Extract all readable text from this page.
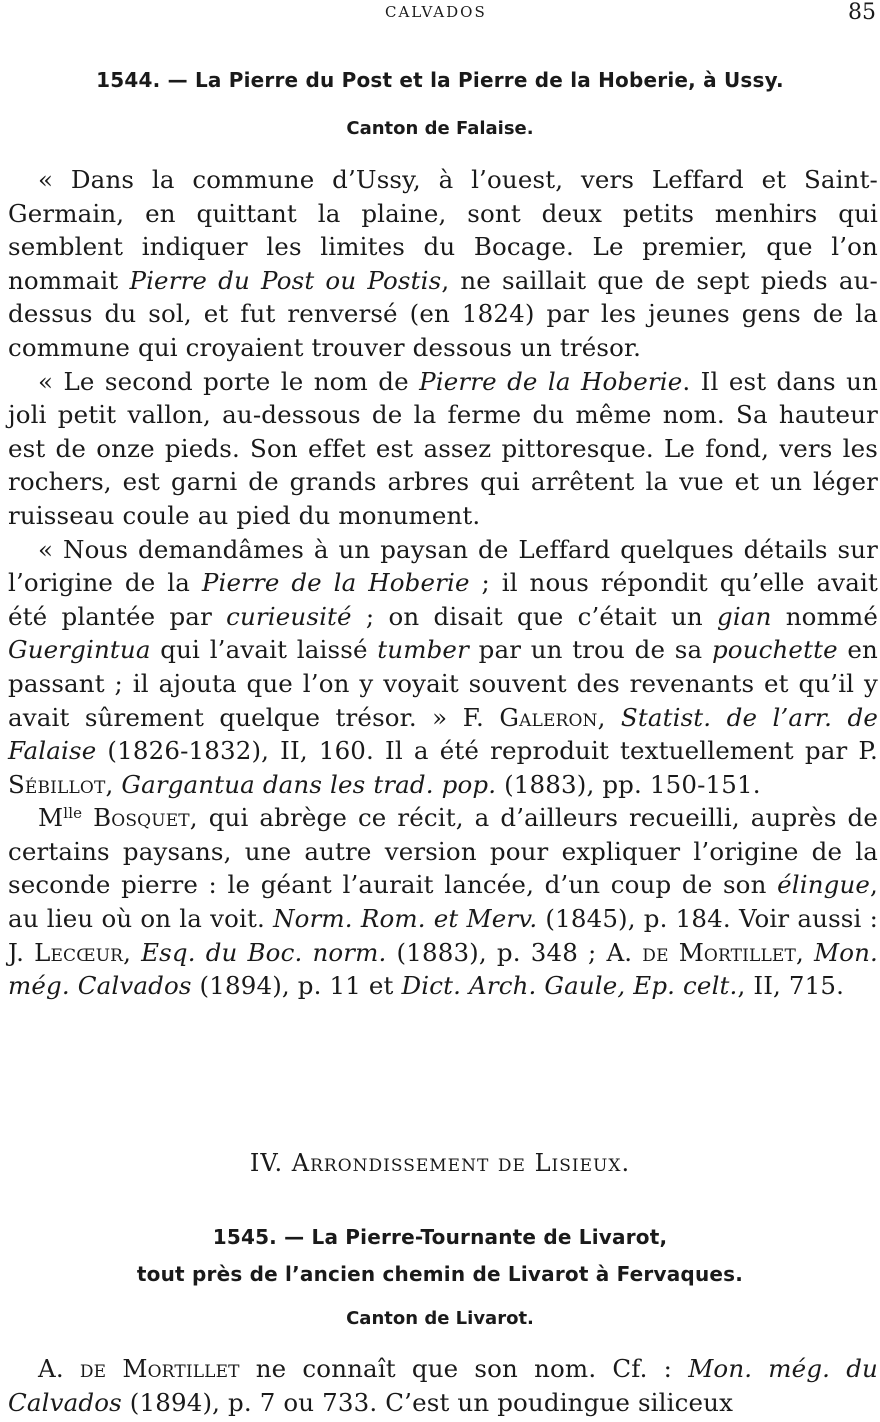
CALVADOS	85
1544. — La Pierre du Post et la Pierre de la Hoberie, à Ussy.
Canton de Falaise.

« Dans la commune d’Ussy, à l’ouest, vers Leffard et Saint-Germain, en quittant la plaine, sont deux petits menhirs qui semblent indiquer les limites du Bocage. Le premier, que l’on nommait Pierre du Post ou Postis, ne saillait que de sept pieds au-dessus du sol, et fut renversé (en 1824) par les jeunes gens de la commune qui croyaient trouver dessous un trésor.

« Le second porte le nom de Pierre de la Hoberie. Il est dans un joli petit vallon, au-dessous de la ferme du même nom. Sa hauteur est de onze pieds. Son effet est assez pittoresque. Le fond, vers les rochers, est garni de grands arbres qui arrêtent la vue et un léger ruisseau coule au pied du monument.

« Nous demandâmes à un paysan de Leffard quelques détails sur l’origine de la Pierre de la Hoberie ; il nous répondit qu’elle avait été plantée par curieusité ; on disait que c’était un gian nommé Guergintua qui l’avait laissé tumber par un trou de sa pouchette en passant ; il ajouta que l’on y voyait souvent des revenants et qu’il y avait sûrement quelque trésor. » F. Galeron, Statist. de l’arr. de Falaise (1826-1832), II, 160. Il a été reproduit textuellement par P. Sébillot, Gargantua dans les trad. pop. (1883), pp. 150-151.

$M^{lle}$ Bosquet, qui abrège ce récit, a d’ailleurs recueilli, auprès de certains paysans, une autre version pour expliquer l’origine de la seconde pierre : le géant l’aurait lancée, d’un coup de son élingue, au lieu où on la voit. Norm. Rom. et Merv. (1845), p. 184. Voir aussi : J. Lecœur, Esq. du Boc. norm. (1883), p. 348 ; A. de Mortillet, Mon. még. Calvados (1894), p. 11 et Dict. Arch. Gaule, Ep. celt., II, 715.

IV. Arrondissement de Lisieux.
1545. — La Pierre-Tournante de Livarot,
tout près de l’ancien chemin de Livarot à Fervaques.
Canton de Livarot.

A. de Mortillet ne connaît que son nom. Cf. : Mon. még. du Calvados (1894), p. 7 ou 733. C’est un poudingue siliceux
